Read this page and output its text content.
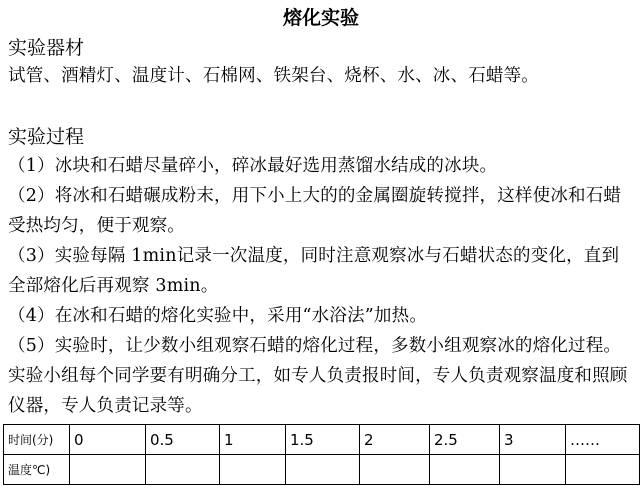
熔化实验
实验器材
试管、酒精灯、温度计、石棉网、铁架台、烧杯、水、冰、石蜡等。
实验过程
（1）冰块和石蜡尽量碎小，碎冰最好选用蒸馏水结成的冰块。
（2）将冰和石蜡碾成粉末，用下小上大的的金属圈旋转搅拌，这样使冰和石蜡受热均匀，便于观察。
（3）实验每隔 1min记录一次温度，同时注意观察冰与石蜡状态的变化，直到全部熔化后再观察 3min。
（4）在冰和石蜡的熔化实验中，采用“水浴法”加热。
（5）实验时，让少数小组观察石蜡的熔化过程，多数小组观察冰的熔化过程。实验小组每个同学要有明确分工，如专人负责报时间，专人负责观察温度和照顾仪器，专人负责记录等。
时间(分)	0	0.5	1	1.5	2	2.5	3	……
温度℃)								
